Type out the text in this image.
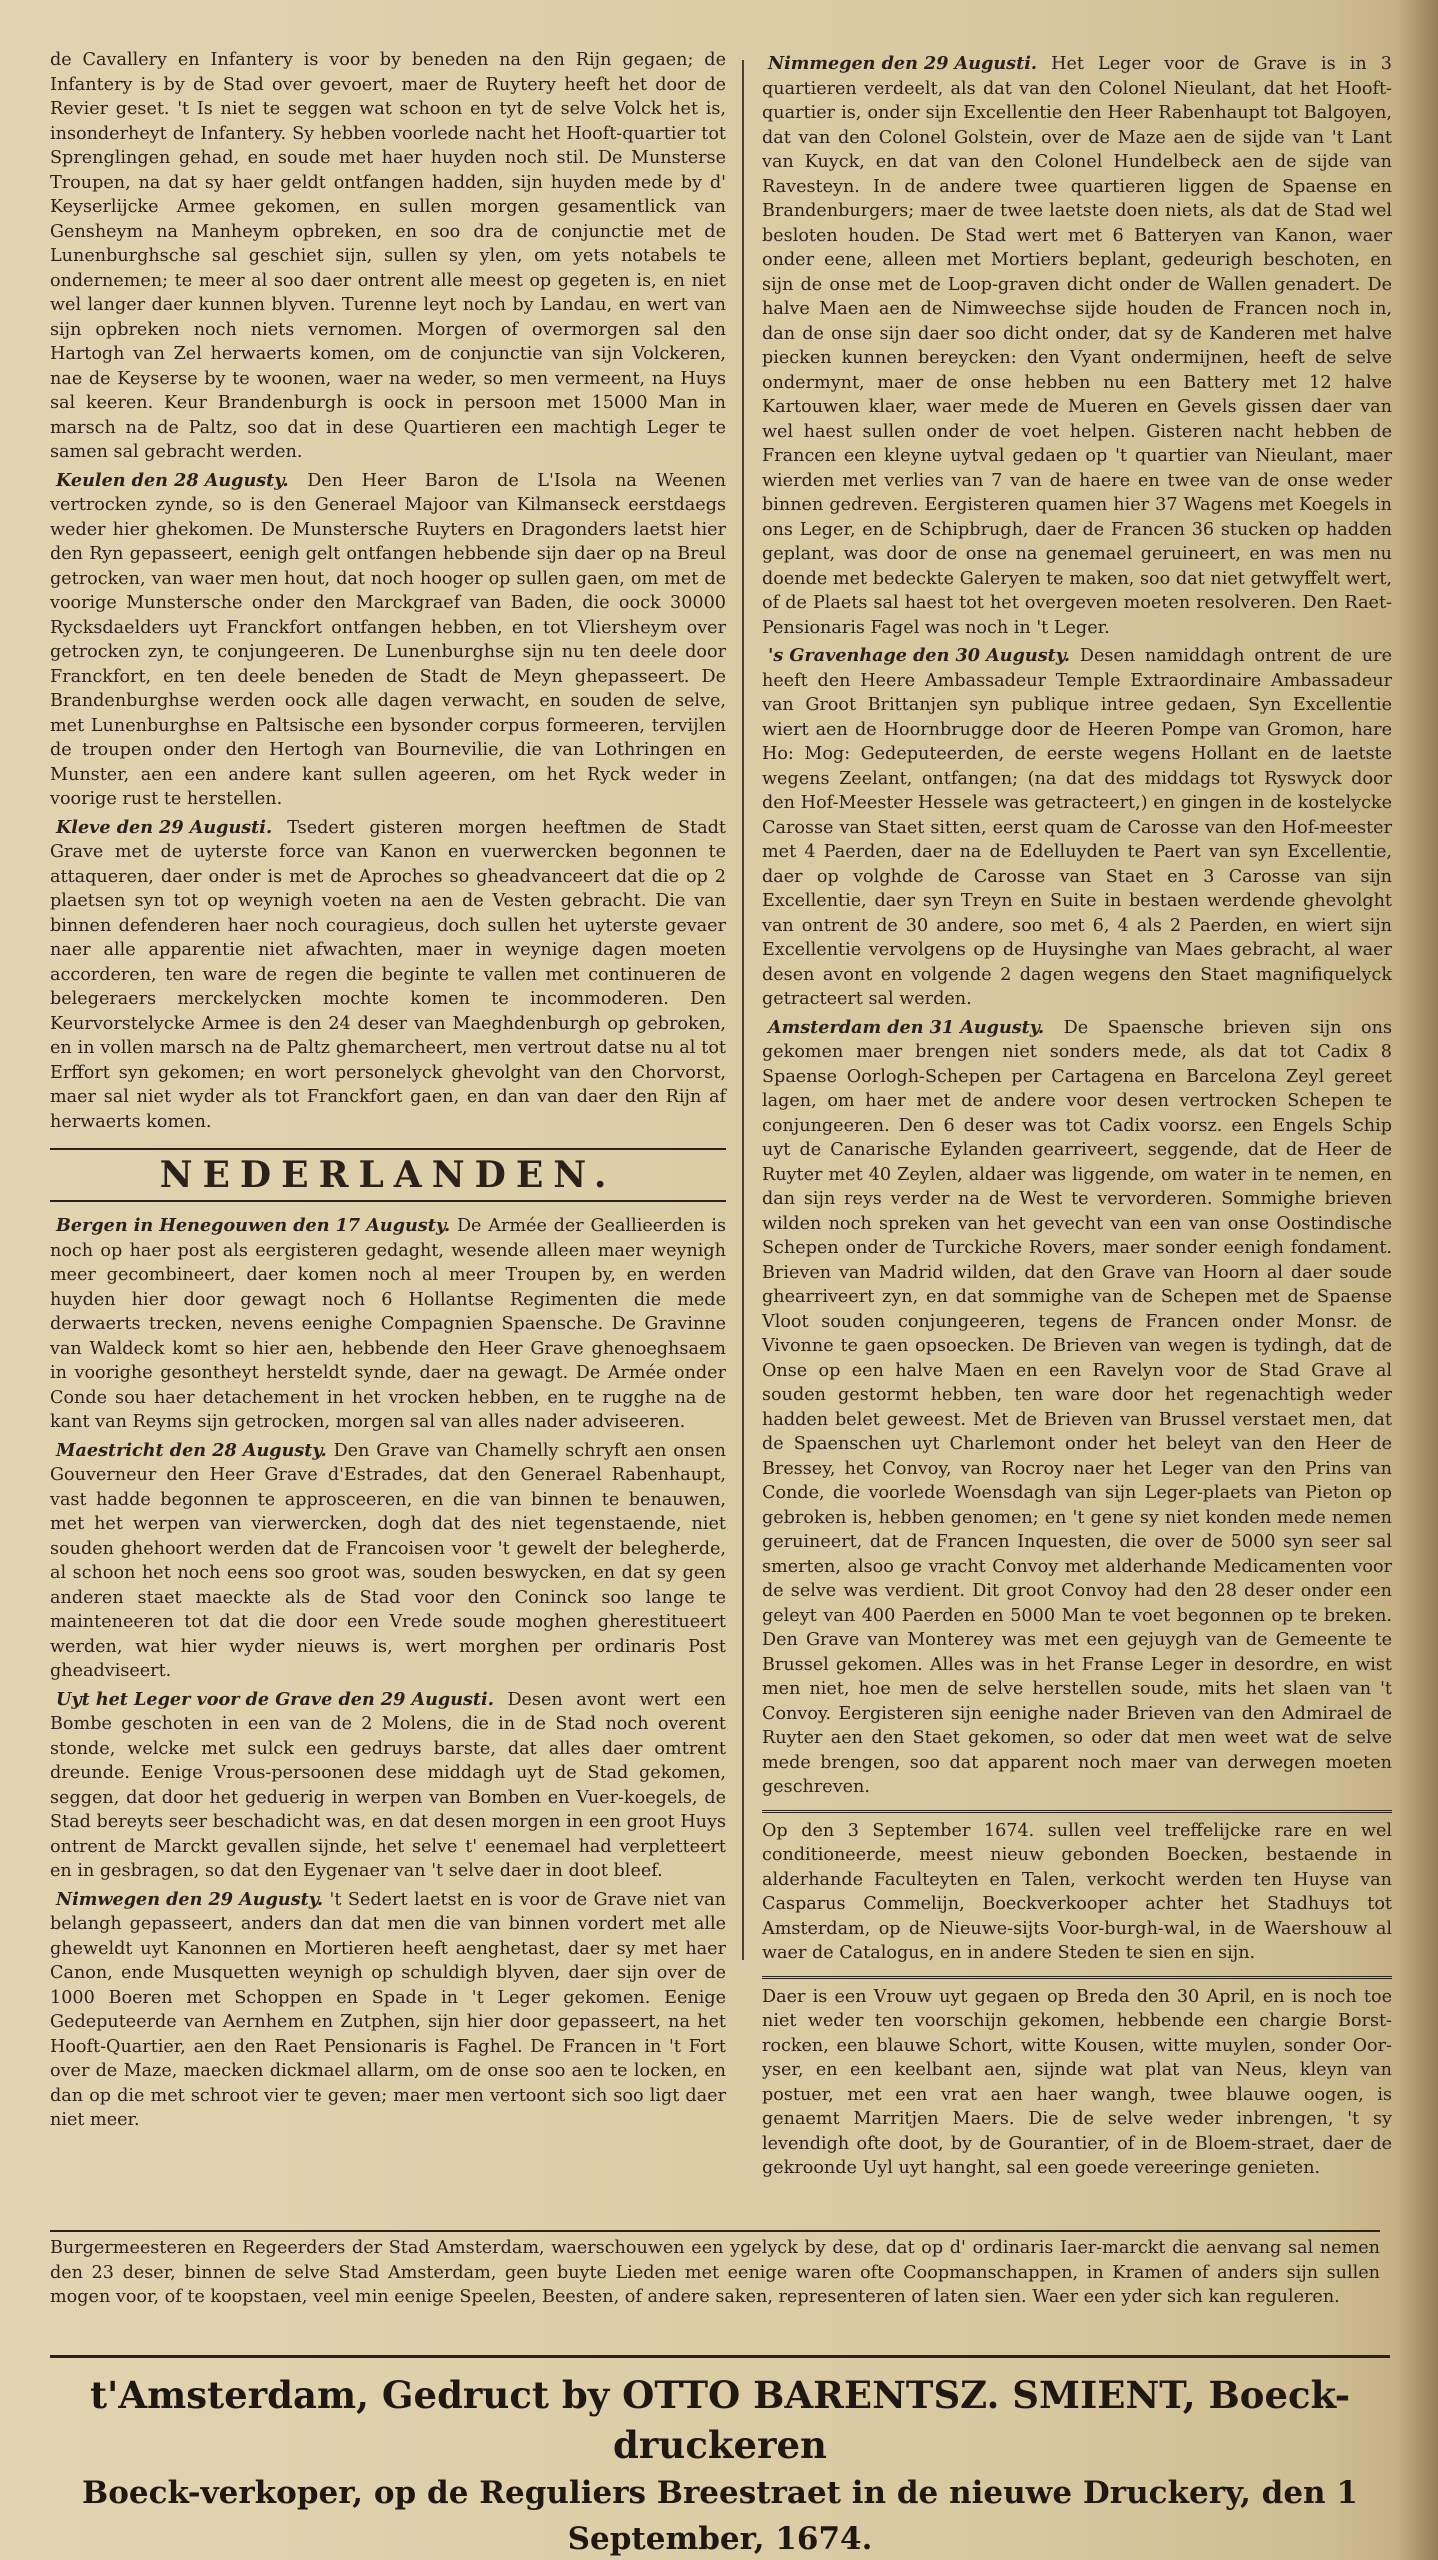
de Cavallery en Infantery is voor by beneden na den Rijn gegaen; de Infantery is by de Stad over gevoert, maer de Ruytery heeft het door de Revier geset. 't Is niet te seggen wat schoon en tyt de selve Volck het is, insonderheyt de Infantery. Sy hebben voorlede nacht het Hooft-quartier tot Sprenglingen gehad, en soude met haer huyden noch stil. De Munsterse Troupen, na dat sy haer geldt ontfangen hadden, sijn huyden mede by d' Keyserlijcke Armee gekomen, en sullen morgen gesamentlick van Gensheym na Manheym opbreken, en soo dra de conjunctie met de Lunenburghsche sal geschiet sijn, sullen sy ylen, om yets notabels te ondernemen; te meer al soo daer ontrent alle meest op gegeten is, en niet wel langer daer kunnen blyven. Turenne leyt noch by Landau, en wert van sijn opbreken noch niets vernomen. Morgen of overmorgen sal den Hartogh van Zel herwaerts komen, om de conjunctie van sijn Volckeren, nae de Keyserse by te woonen, waer na weder, so men vermeent, na Huys sal keeren. Keur Brandenburgh is oock in persoon met 15000 Man in marsch na de Paltz, soo dat in dese Quartieren een machtigh Leger te samen sal gebracht werden.

Keulen den 28 Augusty. Den Heer Baron de L'Isola na Weenen vertrocken zynde, so is den Generael Majoor van Kilmanseck eerstdaegs weder hier ghekomen. De Munstersche Ruyters en Dragonders laetst hier den Ryn gepasseert, eenigh gelt ontfangen hebbende sijn daer op na Breul getrocken, van waer men hout, dat noch hooger op sullen gaen, om met de voorige Munstersche onder den Marckgraef van Baden, die oock 30000 Rycksdaelders uyt Franckfort ontfangen hebben, en tot Vliersheym over getrocken zyn, te conjungeeren. De Lunenburghse sijn nu ten deele door Franckfort, en ten deele beneden de Stadt de Meyn ghepasseert. De Brandenburghse werden oock alle dagen verwacht, en souden de selve, met Lunenburghse en Paltsische een bysonder corpus formeeren, tervijlen de troupen onder den Hertogh van Bournevilie, die van Lothringen en Munster, aen een andere kant sullen ageeren, om het Ryck weder in voorige rust te herstellen.

Kleve den 29 Augusti. Tsedert gisteren morgen heeftmen de Stadt Grave met de uyterste force van Kanon en vuerwercken begonnen te attaqueren, daer onder is met de Aproches so gheadvanceert dat die op 2 plaetsen syn tot op weynigh voeten na aen de Vesten gebracht. Die van binnen defenderen haer noch couragieus, doch sullen het uyterste gevaer naer alle apparentie niet afwachten, maer in weynige dagen moeten accorderen, ten ware de regen die beginte te vallen met continueren de belegeraers merckelycken mochte komen te incommoderen. Den Keurvorstelycke Armee is den 24 deser van Maeghdenburgh op gebroken, en in vollen marsch na de Paltz ghemarcheert, men vertrout datse nu al tot Erffort syn gekomen; en wort personelyck ghevolght van den Chorvorst, maer sal niet wyder als tot Franckfort gaen, en dan van daer den Rijn af herwaerts komen.

NEDERLANDEN.

Bergen in Henegouwen den 17 Augusty. De Armée der Geallieerden is noch op haer post als eergisteren gedaght, wesende alleen maer weynigh meer gecombineert, daer komen noch al meer Troupen by, en werden huyden hier door gewagt noch 6 Hollantse Regimenten die mede derwaerts trecken, nevens eenighe Compagnien Spaensche. De Gravinne van Waldeck komt so hier aen, hebbende den Heer Grave ghenoeghsaem in voorighe gesontheyt hersteldt synde, daer na gewagt. De Armée onder Conde sou haer detachement in het vrocken hebben, en te rugghe na de kant van Reyms sijn getrocken, morgen sal van alles nader adviseeren.

Maestricht den 28 Augusty. Den Grave van Chamelly schryft aen onsen Gouverneur den Heer Grave d'Estrades, dat den Generael Rabenhaupt, vast hadde begonnen te approsceeren, en die van binnen te benauwen, met het werpen van vierwercken, dogh dat des niet tegenstaende, niet souden ghehoort werden dat de Francoisen voor 't gewelt der belegherde, al schoon het noch eens soo groot was, souden beswycken, en dat sy geen anderen staet maeckte als de Stad voor den Coninck soo lange te mainteneeren tot dat die door een Vrede soude moghen gherestitueert werden, wat hier wyder nieuws is, wert morghen per ordinaris Post gheadviseert.

Uyt het Leger voor de Grave den 29 Augusti. Desen avont wert een Bombe geschoten in een van de 2 Molens, die in de Stad noch overent stonde, welcke met sulck een gedruys barste, dat alles daer omtrent dreunde. Eenige Vrous-persoonen dese middagh uyt de Stad gekomen, seggen, dat door het geduerig in werpen van Bomben en Vuer-koegels, de Stad bereyts seer beschadicht was, en dat desen morgen in een groot Huys ontrent de Marckt gevallen sijnde, het selve t' eenemael had verpletteert en in gesbragen, so dat den Eygenaer van 't selve daer in doot bleef.

Nimwegen den 29 Augusty. 't Sedert laetst en is voor de Grave niet van belangh gepasseert, anders dan dat men die van binnen vordert met alle gheweldt uyt Kanonnen en Mortieren heeft aenghetast, daer sy met haer Canon, ende Musquetten weynigh op schuldigh blyven, daer sijn over de 1000 Boeren met Schoppen en Spade in 't Leger gekomen. Eenige Gedeputeerde van Aernhem en Zutphen, sijn hier door gepasseert, na het Hooft-Quartier, aen den Raet Pensionaris is Faghel. De Francen in 't Fort over de Maze, maecken dickmael allarm, om de onse soo aen te locken, en dan op die met schroot vier te geven; maer men vertoont sich soo ligt daer niet meer.

Nimmegen den 29 Augusti. Het Leger voor de Grave is in 3 quartieren verdeelt, als dat van den Colonel Nieulant, dat het Hooft-quartier is, onder sijn Excellentie den Heer Rabenhaupt tot Balgoyen, dat van den Colonel Golstein, over de Maze aen de sijde van 't Lant van Kuyck, en dat van den Colonel Hundelbeck aen de sijde van Ravesteyn. In de andere twee quartieren liggen de Spaense en Brandenburgers; maer de twee laetste doen niets, als dat de Stad wel besloten houden. De Stad wert met 6 Batteryen van Kanon, waer onder eene, alleen met Mortiers beplant, gedeurigh beschoten, en sijn de onse met de Loop-graven dicht onder de Wallen genadert. De halve Maen aen de Nimweechse sijde houden de Francen noch in, dan de onse sijn daer soo dicht onder, dat sy de Kanderen met halve piecken kunnen bereycken: den Vyant ondermijnen, heeft de selve ondermynt, maer de onse hebben nu een Battery met 12 halve Kartouwen klaer, waer mede de Mueren en Gevels gissen daer van wel haest sullen onder de voet helpen. Gisteren nacht hebben de Francen een kleyne uytval gedaen op 't quartier van Nieulant, maer wierden met verlies van 7 van de haere en twee van de onse weder binnen gedreven. Eergisteren quamen hier 37 Wagens met Koegels in ons Leger, en de Schipbrugh, daer de Francen 36 stucken op hadden geplant, was door de onse na genemael geruineert, en was men nu doende met bedeckte Galeryen te maken, soo dat niet getwyffelt wert, of de Plaets sal haest tot het overgeven moeten resolveren. Den Raet-Pensionaris Fagel was noch in 't Leger.

's Gravenhage den 30 Augusty. Desen namiddagh ontrent de ure heeft den Heere Ambassadeur Temple Extraordinaire Ambassadeur van Groot Brittanjen syn publique intree gedaen, Syn Excellentie wiert aen de Hoornbrugge door de Heeren Pompe van Gromon, hare Ho: Mog: Gedeputeerden, de eerste wegens Hollant en de laetste wegens Zeelant, ontfangen; (na dat des middags tot Ryswyck door den Hof-Meester Hessele was getracteert,) en gingen in de kostelycke Carosse van Staet sitten, eerst quam de Carosse van den Hof-meester met 4 Paerden, daer na de Edelluyden te Paert van syn Excellentie, daer op volghde de Carosse van Staet en 3 Carosse van sijn Excellentie, daer syn Treyn en Suite in bestaen werdende ghevolght van ontrent de 30 andere, soo met 6, 4 als 2 Paerden, en wiert sijn Excellentie vervolgens op de Huysinghe van Maes gebracht, al waer desen avont en volgende 2 dagen wegens den Staet magnifiquelyck getracteert sal werden.

Amsterdam den 31 Augusty. De Spaensche brieven sijn ons gekomen maer brengen niet sonders mede, als dat tot Cadix 8 Spaense Oorlogh-Schepen per Cartagena en Barcelona Zeyl gereet lagen, om haer met de andere voor desen vertrocken Schepen te conjungeeren. Den 6 deser was tot Cadix voorsz. een Engels Schip uyt de Canarische Eylanden gearriveert, seggende, dat de Heer de Ruyter met 40 Zeylen, aldaer was liggende, om water in te nemen, en dan sijn reys verder na de West te vervorderen. Sommighe brieven wilden noch spreken van het gevecht van een van onse Oostindische Schepen onder de Turckiche Rovers, maer sonder eenigh fondament. Brieven van Madrid wilden, dat den Grave van Hoorn al daer soude ghearriveert zyn, en dat sommighe van de Schepen met de Spaense Vloot souden conjungeeren, tegens de Francen onder Monsr. de Vivonne te gaen opsoecken. De Brieven van wegen is tydingh, dat de Onse op een halve Maen en een Ravelyn voor de Stad Grave al souden gestormt hebben, ten ware door het regenachtigh weder hadden belet geweest. Met de Brieven van Brussel verstaet men, dat de Spaenschen uyt Charlemont onder het beleyt van den Heer de Bressey, het Convoy, van Rocroy naer het Leger van den Prins van Conde, die voorlede Woensdagh van sijn Leger-plaets van Pieton op gebroken is, hebben genomen; en 't gene sy niet konden mede nemen geruineert, dat de Francen Inquesten, die over de 5000 syn seer sal smerten, alsoo ge vracht Convoy met alderhande Medicamenten voor de selve was verdient. Dit groot Convoy had den 28 deser onder een geleyt van 400 Paerden en 5000 Man te voet begonnen op te breken. Den Grave van Monterey was met een gejuygh van de Gemeente te Brussel gekomen. Alles was in het Franse Leger in desordre, en wist men niet, hoe men de selve herstellen soude, mits het slaen van 't Convoy. Eergisteren sijn eenighe nader Brieven van den Admirael de Ruyter aen den Staet gekomen, so oder dat men weet wat de selve mede brengen, soo dat apparent noch maer van derwegen moeten geschreven.

Op den 3 September 1674. sullen veel treffelijcke rare en wel conditioneerde, meest nieuw gebonden Boecken, bestaende in alderhande Faculteyten en Talen, verkocht werden ten Huyse van Casparus Commelijn, Boeckverkooper achter het Stadhuys tot Amsterdam, op de Nieuwe-sijts Voor-burgh-wal, in de Waershouw al waer de Catalogus, en in andere Steden te sien en sijn.

Daer is een Vrouw uyt gegaen op Breda den 30 April, en is noch toe niet weder ten voorschijn gekomen, hebbende een chargie Borst-rocken, een blauwe Schort, witte Kousen, witte muylen, sonder Oor-yser, en een keelbant aen, sijnde wat plat van Neus, kleyn van postuer, met een vrat aen haer wangh, twee blauwe oogen, is genaemt Marritjen Maers. Die de selve weder inbrengen, 't sy levendigh ofte doot, by de Gourantier, of in de Bloem-straet, daer de gekroonde Uyl uyt hanght, sal een goede vereeringe genieten.

Burgermeesteren en Regeerders der Stad Amsterdam, waerschouwen een ygelyck by dese, dat op d' ordinaris Iaer-marckt die aenvang sal nemen den 23 deser, binnen de selve Stad Amsterdam, geen buyte Lieden met eenige waren ofte Coopmanschappen, in Kramen of anders sijn sullen mogen voor, of te koopstaen, veel min eenige Speelen, Beesten, of andere saken, representeren of laten sien. Waer een yder sich kan reguleren.
t'Amsterdam, Gedruct by OTTO BARENTSZ. SMIENT, Boeck-druckeren
Boeck-verkoper, op de Reguliers Breestraet in de nieuwe Druckery, den 1 September, 1674.
